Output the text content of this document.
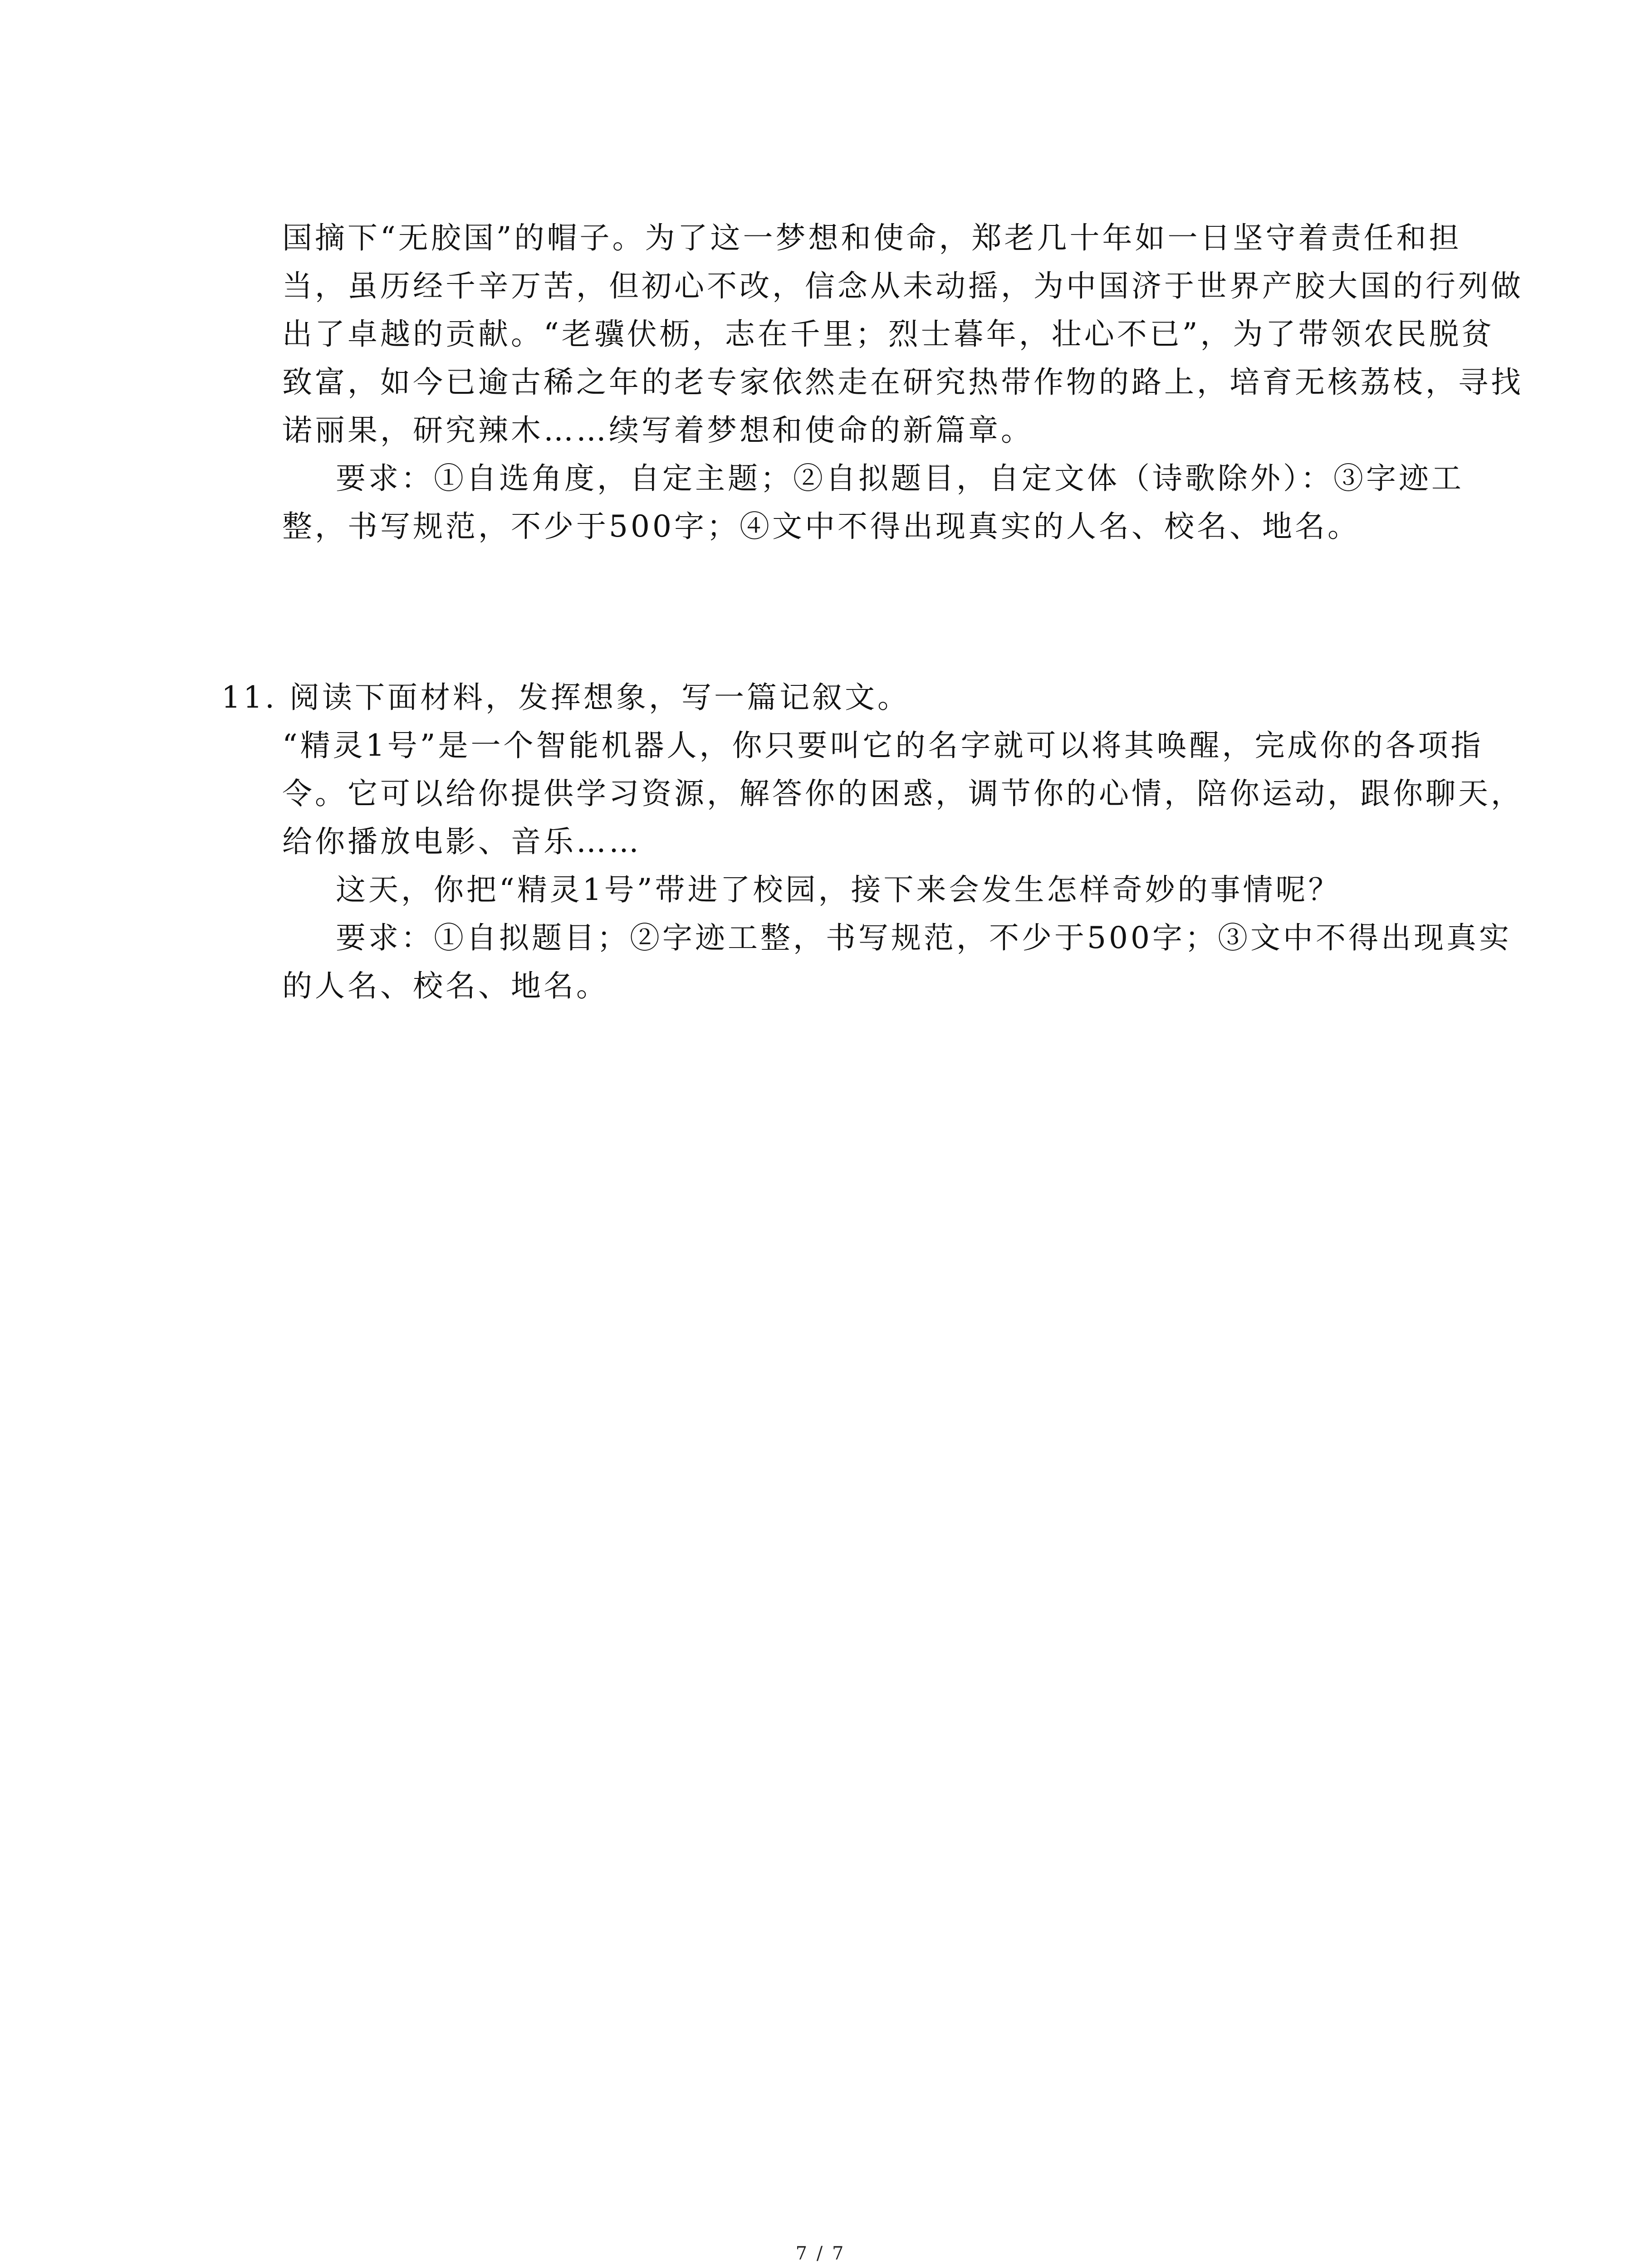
国摘下“无胶国”的帽子。为了这一梦想和使命，郑老几十年如一日坚守着责任和担
当，虽历经千辛万苦，但初心不改，信念从未动摇，为中国济于世界产胶大国的行列做
出了卓越的贡献。“老骥伏枥，志在千里；烈士暮年，壮心不已”，为了带领农民脱贫
致富，如今已逾古稀之年的老专家依然走在研究热带作物的路上，培育无核荔枝，寻找
诺丽果，研究辣木……续写着梦想和使命的新篇章。
要求：①自选角度，自定主题；②自拟题目，自定文体（诗歌除外）：③字迹工
整，书写规范，不少于500字；④文中不得出现真实的人名、校名、地名。
11. 阅读下面材料，发挥想象，写一篇记叙文。
“精灵1号”是一个智能机器人，你只要叫它的名字就可以将其唤醒，完成你的各项指
令。它可以给你提供学习资源，解答你的困惑，调节你的心情，陪你运动，跟你聊天，
给你播放电影、音乐……
这天，你把“精灵1号”带进了校园，接下来会发生怎样奇妙的事情呢？
要求：①自拟题目；②字迹工整，书写规范，不少于500字；③文中不得出现真实
的人名、校名、地名。
7 / 7
